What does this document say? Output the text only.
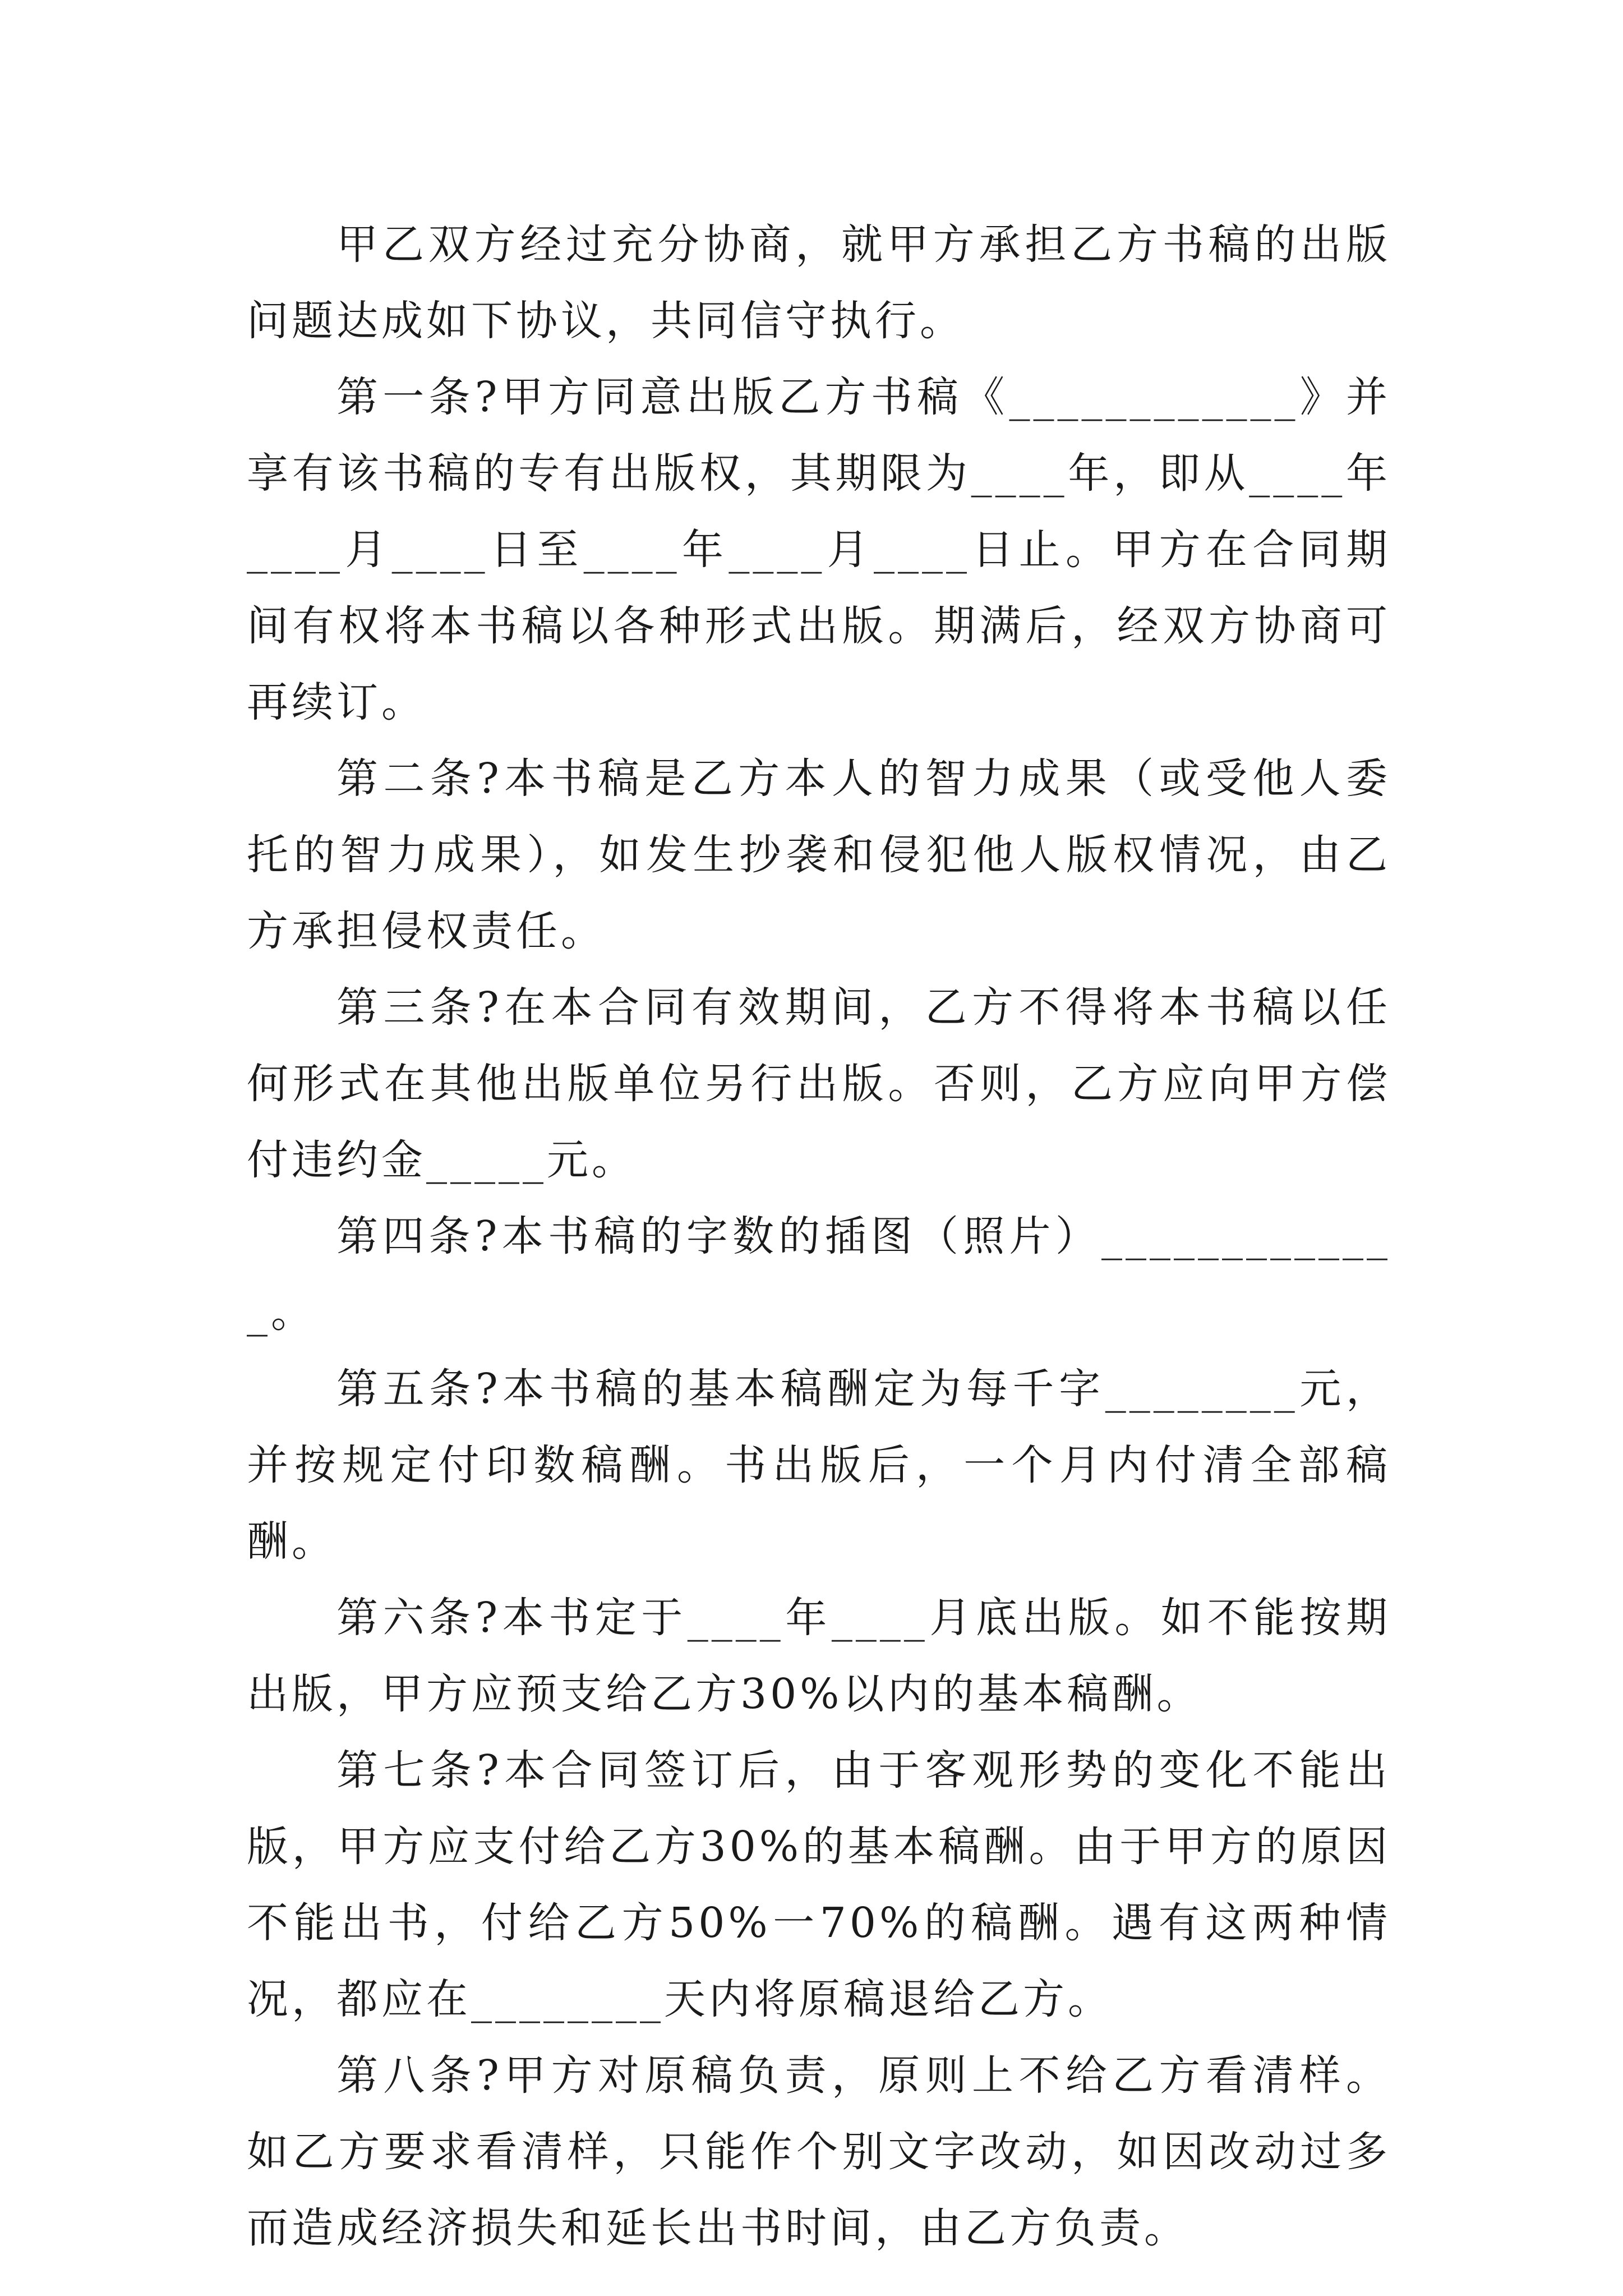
甲乙双方经过充分协商，就甲方承担乙方书稿的出版问题达成如下协议，共同信守执行。

第一条?甲方同意出版乙方书稿《____________》并享有该书稿的专有出版权，其期限为____年，即从____年____月____日至____年____月____日止。甲方在合同期间有权将本书稿以各种形式出版。期满后，经双方协商可再续订。

第二条?本书稿是乙方本人的智力成果（或受他人委托的智力成果），如发生抄袭和侵犯他人版权情况，由乙方承担侵权责任。

第三条?在本合同有效期间，乙方不得将本书稿以任何形式在其他出版单位另行出版。否则，乙方应向甲方偿付违约金_____元。

第四条?本书稿的字数的插图（照片）_____________。

第五条?本书稿的基本稿酬定为每千字________元，并按规定付印数稿酬。书出版后，一个月内付清全部稿酬。

第六条?本书定于____年____月底出版。如不能按期出版，甲方应预支给乙方30%以内的基本稿酬。

第七条?本合同签订后，由于客观形势的变化不能出版，甲方应支付给乙方30%的基本稿酬。由于甲方的原因不能出书，付给乙方50%一70%的稿酬。遇有这两种情况，都应在________天内将原稿退给乙方。

第八条?甲方对原稿负责，原则上不给乙方看清样。如乙方要求看清样，只能作个别文字改动，如因改动过多而造成经济损失和延长出书时间，由乙方负责。
